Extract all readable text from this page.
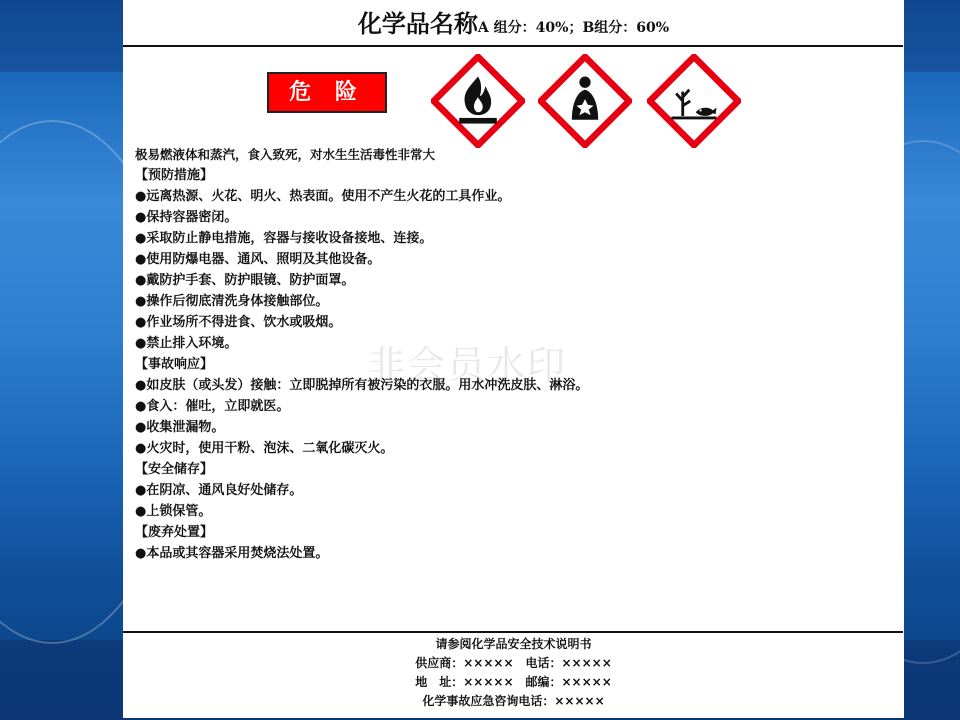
化学品名称A 组分：40%；B组分：60%
危 险
极易燃液体和蒸汽，食入致死，对水生生活毒性非常大
【预防措施】
●远离热源、火花、明火、热表面。使用不产生火花的工具作业。
●保持容器密闭。
●采取防止静电措施，容器与接收设备接地、连接。
●使用防爆电器、通风、照明及其他设备。
●戴防护手套、防护眼镜、防护面罩。
●操作后彻底清洗身体接触部位。
●作业场所不得进食、饮水或吸烟。
●禁止排入环境。
【事故响应】
●如皮肤（或头发）接触：立即脱掉所有被污染的衣服。用水冲洗皮肤、淋浴。
●食入：催吐，立即就医。
●收集泄漏物。
●火灾时，使用干粉、泡沫、二氧化碳灭火。
【安全储存】
●在阴凉、通风良好处储存。
●上锁保管。
【废弃处置】
●本品或其容器采用焚烧法处置。
非会员水印
请参阅化学品安全技术说明书
供应商：×××××　电话：×××××
地　址：×××××　邮编：×××××
化学事故应急咨询电话：×××××
